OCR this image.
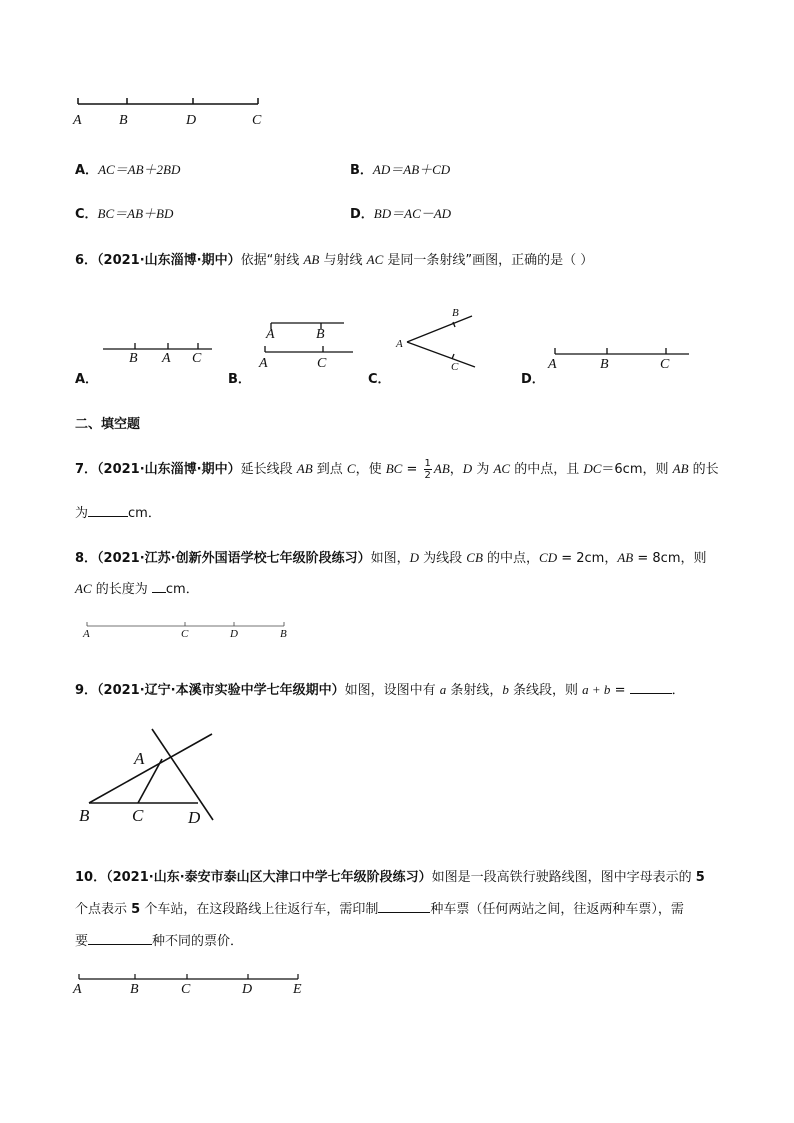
A	B	D	C
A．AC＝AB＋2BD	B．AD＝AB＋CD
C．BC＝AB＋BD	D．BD＝AC－AD
6．（2021·山东淄博·期中）依据“射线 AB 与射线 AC 是同一条射线”画图，正确的是（ ）
A．
B A C
B．
A	B
A	C
C．
A
B
C
D．
A	B	C
二、填空题
7．（2021·山东淄博·期中）延长线段 AB 到点 C，使 BC = $\frac{1}{2}$ AB，D 为 AC 的中点，且 DC＝6cm，则 AB 的长
为	cm．
8．（2021·江苏·创新外国语学校七年级阶段练习）如图，D 为线段 CB 的中点，CD = 2cm，AB = 8cm，则
AC 的长度为 cm．
A	C	D	B
9．（2021·辽宁·本溪市实验中学七年级期中）如图，设图中有 a 条射线，b 条线段，则 a + b =	．
A
B	C	D
10．（2021·山东·泰安市泰山区大津口中学七年级阶段练习）如图是一段高铁行驶路线图，图中字母表示的 5
个点表示 5 个车站，在这段路线上往返行车，需印制	种车票（任何两站之间，往返两种车票），需
要	种不同的票价．
A	B	C	D	E
